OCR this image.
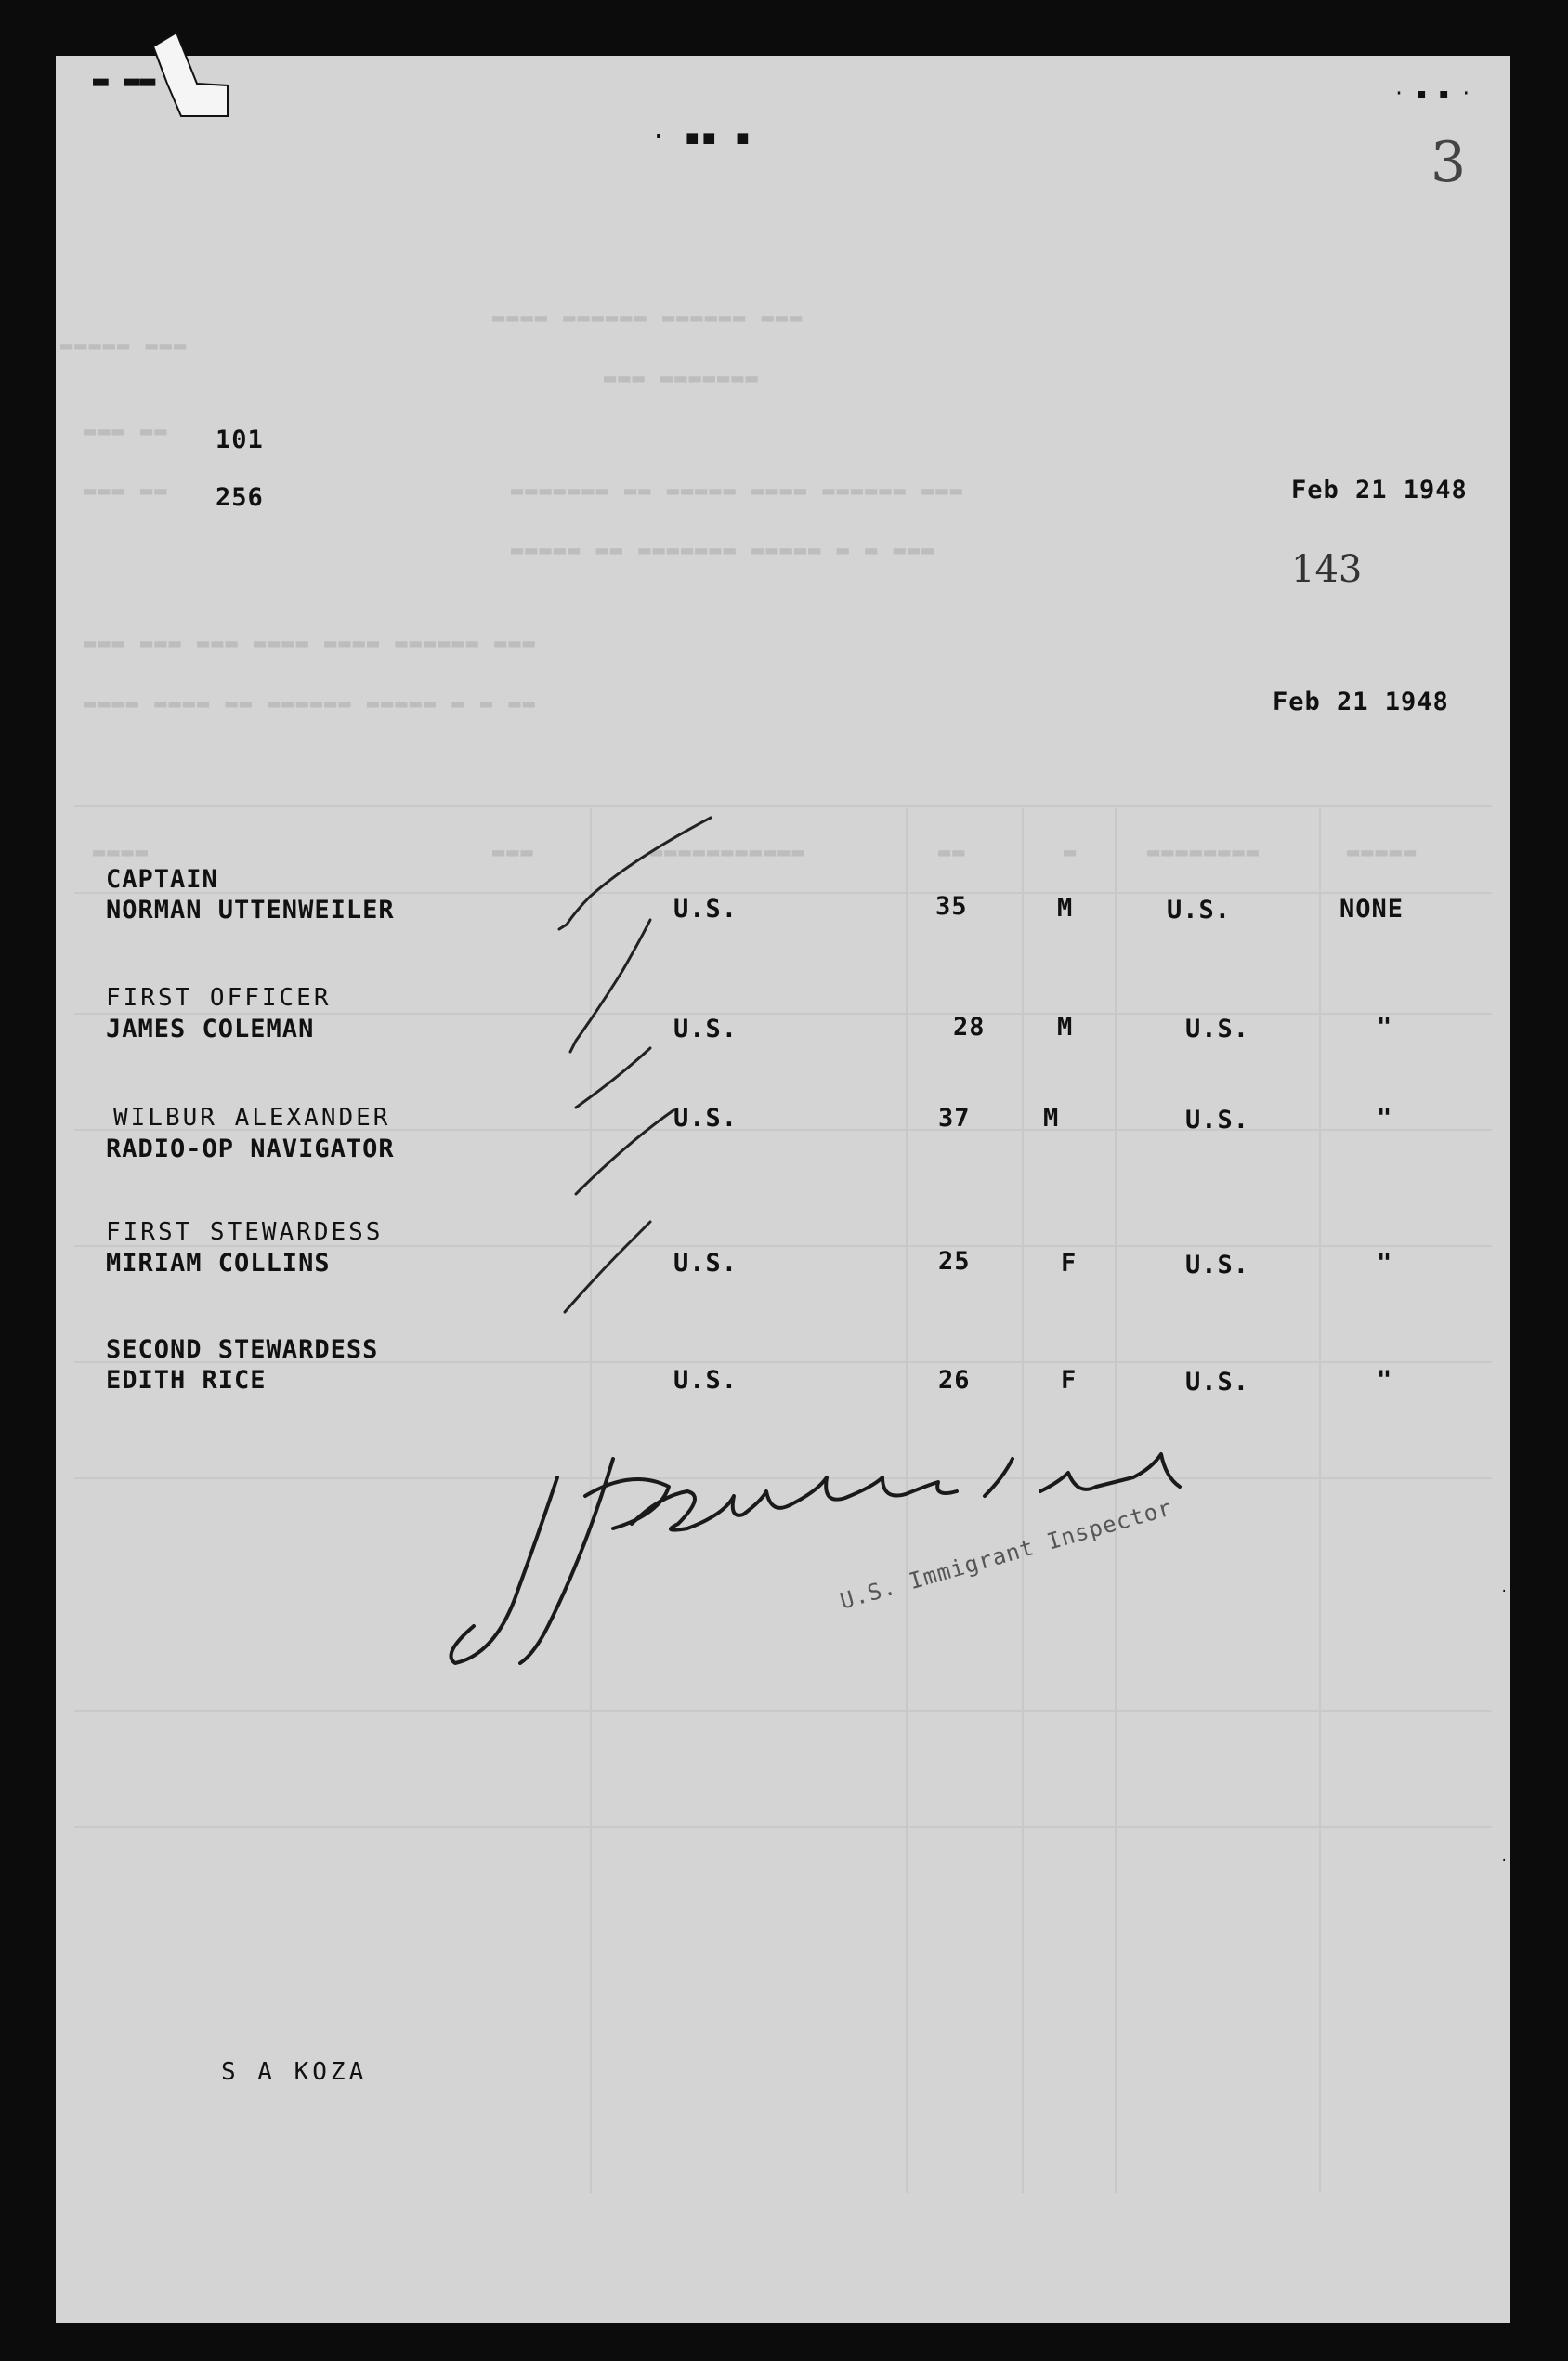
▬▬▬▬ ▬▬▬▬▬▬ ▬▬▬▬▬▬ ▬▬▬
▬▬▬ ▬▬▬▬▬▬▬
▬▬▬▬▬ ▬▬▬
▬▬▬ ▬▬
▬▬▬ ▬▬	▬▬▬▬▬▬▬ ▬▬ ▬▬▬▬▬ ▬▬▬▬ ▬▬▬▬▬▬ ▬▬▬
▬▬▬▬▬ ▬▬ ▬▬▬▬▬▬▬ ▬▬▬▬▬ ▬ ▬ ▬▬▬
▬▬▬ ▬▬▬ ▬▬▬ ▬▬▬▬ ▬▬▬▬ ▬▬▬▬▬▬ ▬▬▬
▬▬▬▬ ▬▬▬▬ ▬▬ ▬▬▬▬▬▬ ▬▬▬▬▬ ▬ ▬ ▬▬
▬▬▬▬	▬▬▬	▬▬▬▬▬▬▬▬▬▬▬	▬▬	▬	▬▬▬▬▬▬▬▬	▬▬▬▬▬
▬ ▬▬
· ▪▪ ▪
· ▪ ▪ ·
3
101
256	Feb 21 1948
143
Feb 21 1948
CAPTAIN
NORMAN UTTENWEILER	U.S.	35	M	U.S.	NONE
FIRST OFFICER
JAMES COLEMAN	U.S.	28	M	U.S.	"
WILBUR ALEXANDER
RADIO-OP NAVIGATOR
U.S.	37	M	U.S.	"
FIRST STEWARDESS
MIRIAM COLLINS	U.S.	25	F	U.S.	"
SECOND STEWARDESS
EDITH RICE	U.S.	26	F	U.S.	"
U.S. Immigrant Inspector
S A KOZA
·
·
